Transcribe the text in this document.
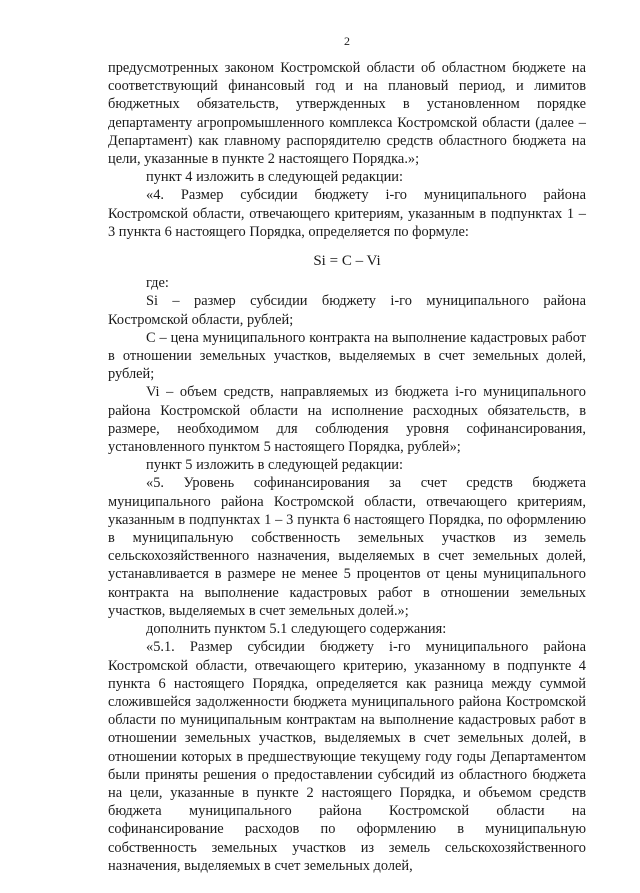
2

предусмотренных законом Костромской области об областном бюджете на соответствующий финансовый год и на плановый период, и лимитов бюджетных обязательств, утвержденных в установленном порядке департаменту агропромышленного комплекса Костромской области (далее – Департамент) как главному распорядителю средств областного бюджета на цели, указанные в пункте 2 настоящего Порядка.»;

пункт 4 изложить в следующей редакции:

«4. Размер субсидии бюджету i-го муниципального района Костромской области, отвечающего критериям, указанным в подпунктах 1 – 3 пункта 6 настоящего Порядка, определяется по формуле:

Si = C – Vi

где:

Si – размер субсидии бюджету i-го муниципального района Костромской области, рублей;

C – цена муниципального контракта на выполнение кадастровых работ в отношении земельных участков, выделяемых в счет земельных долей, рублей;

Vi – объем средств, направляемых из бюджета i-го муниципального района Костромской области на исполнение расходных обязательств, в размере, необходимом для соблюдения уровня софинансирования, установленного пунктом 5 настоящего Порядка, рублей»;

пункт 5 изложить в следующей редакции:

«5. Уровень софинансирования за счет средств бюджета муниципального района Костромской области, отвечающего критериям, указанным в подпунктах 1 – 3 пункта 6 настоящего Порядка, по оформлению в муниципальную собственность земельных участков из земель сельскохозяйственного назначения, выделяемых в счет земельных долей, устанавливается в размере не менее 5 процентов от цены муниципального контракта на выполнение кадастровых работ в отношении земельных участков, выделяемых в счет земельных долей.»;

дополнить пунктом 5.1 следующего содержания:

«5.1. Размер субсидии бюджету i-го муниципального района Костромской области, отвечающего критерию, указанному в подпункте 4 пункта 6 настоящего Порядка, определяется как разница между суммой сложившейся задолженности бюджета муниципального района Костромской области по муниципальным контрактам на выполнение кадастровых работ в отношении земельных участков, выделяемых в счет земельных долей, в отношении которых в предшествующие текущему году годы Департаментом были приняты решения о предоставлении субсидий из областного бюджета на цели, указанные в пункте 2 настоящего Порядка, и объемом средств бюджета муниципального района Костромской области на софинансирование расходов по оформлению в муниципальную собственность земельных участков из земель сельскохозяйственного назначения, выделяемых в счет земельных долей,
